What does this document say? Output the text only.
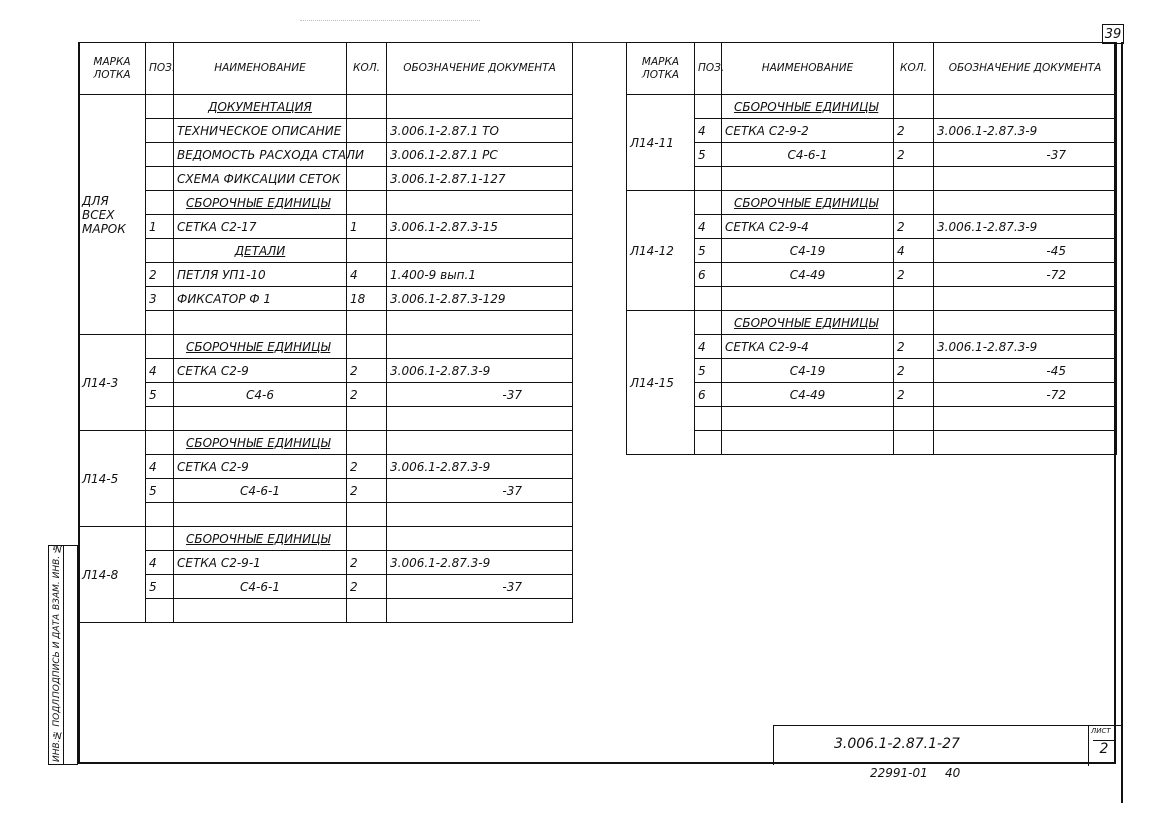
39
ИНВ.№ ПОДЛ.
ПОДПИСЬ И ДАТА
ВЗАМ. ИНВ. №
МАРКА ЛОТКА	ПОЗ.	НАИМЕНОВАНИЕ	КОЛ.	ОБОЗНАЧЕНИЕ ДОКУМЕНТА
ДЛЯ ВСЕХ МАРОК		ДОКУМЕНТАЦИЯ		
		ТЕХНИЧЕСКОЕ ОПИСАНИЕ		3.006.1-2.87.1 ТО
		ВЕДОМОСТЬ РАСХОДА СТАЛИ		3.006.1-2.87.1 РС
		СХЕМА ФИКСАЦИИ СЕТОК		3.006.1-2.87.1-127
		СБОРОЧНЫЕ ЕДИНИЦЫ		
	1	СЕТКА С2-17	1	3.006.1-2.87.3-15
		ДЕТАЛИ		
	2	ПЕТЛЯ УП1-10	4	1.400-9 вып.1
	3	ФИКСАТОР Ф 1	18	3.006.1-2.87.3-129

Л14-3		СБОРОЧНЫЕ ЕДИНИЦЫ		
	4	СЕТКА С2-9	2	3.006.1-2.87.3-9
	5	С4-6	2	-37

Л14-5		СБОРОЧНЫЕ ЕДИНИЦЫ		
	4	СЕТКА С2-9	2	3.006.1-2.87.3-9
	5	С4-6-1	2	-37

Л14-8		СБОРОЧНЫЕ ЕДИНИЦЫ		
	4	СЕТКА С2-9-1	2	3.006.1-2.87.3-9
	5	С4-6-1	2	-37

МАРКА ЛОТКА	ПОЗ.	НАИМЕНОВАНИЕ	КОЛ.	ОБОЗНАЧЕНИЕ ДОКУМЕНТА
Л14-11		СБОРОЧНЫЕ ЕДИНИЦЫ		
	4	СЕТКА С2-9-2	2	3.006.1-2.87.3-9
	5	С4-6-1	2	-37

Л14-12		СБОРОЧНЫЕ ЕДИНИЦЫ		
	4	СЕТКА С2-9-4	2	3.006.1-2.87.3-9
	5	С4-19	4	-45
	6	С4-49	2	-72

Л14-15		СБОРОЧНЫЕ ЕДИНИЦЫ		
	4	СЕТКА С2-9-4	2	3.006.1-2.87.3-9
	5	С4-19	2	-45
	6	С4-49	2	-72

3.006.1-2.87.1-27
ЛИСТ
2
22991-01 40
